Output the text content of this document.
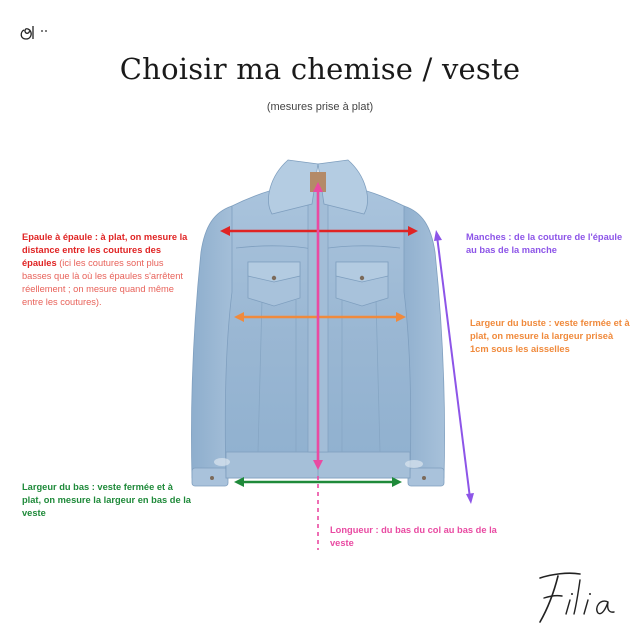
Choisir ma chemise / veste
(mesures prise à plat)
Epaule à épaule : à plat, on mesure la distance entre les coutures des épaules (ici les coutures sont plus basses que là où les épaules s'arrêtent réellement ; on mesure quand même entre les coutures).
Manches : de la couture de l'épaule au bas de la manche
Largeur du buste : veste fermée et à plat, on mesure la largeur priseà 1cm sous les aisselles
Largeur du bas : veste fermée et à plat, on mesure la largeur en bas de la veste
Longueur : du bas du col au bas de la veste
